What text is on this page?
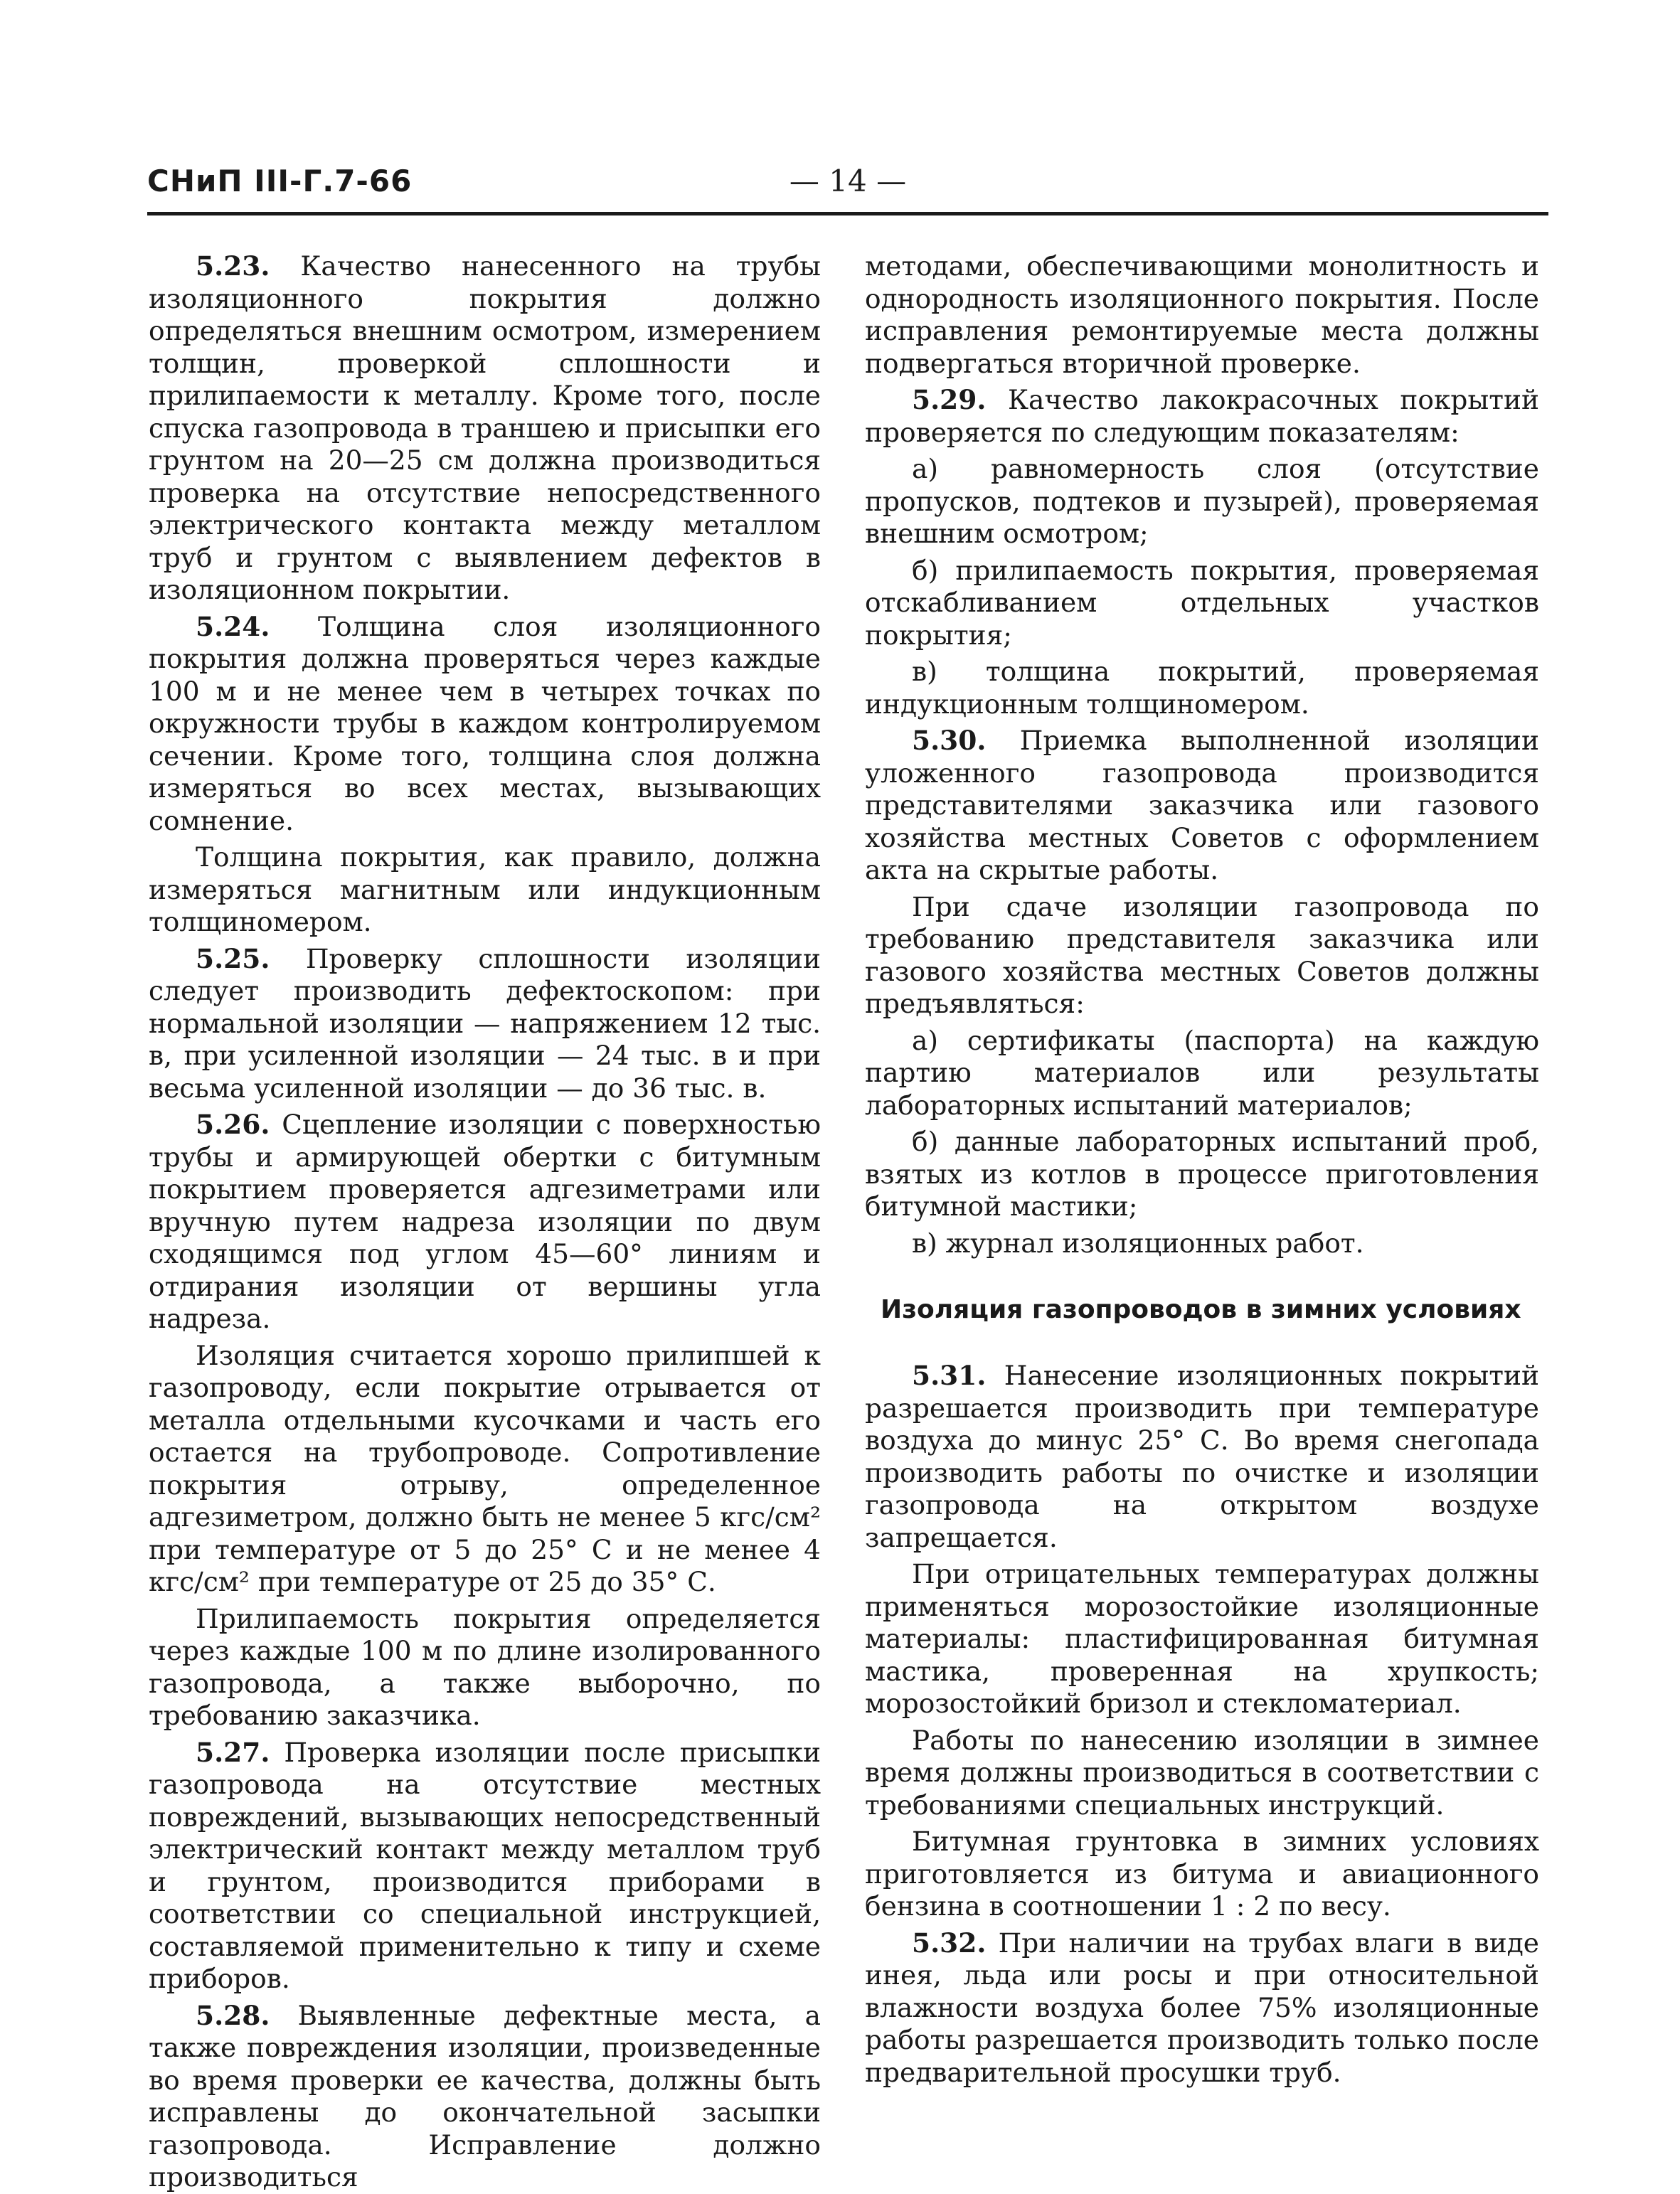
СНиП III-Г.7-66	— 14 —

5.23. Качество нанесенного на трубы изоляционного покрытия должно определяться внешним осмотром, измерением толщин, проверкой сплошности и прилипаемости к металлу. Кроме того, после спуска газопровода в траншею и присыпки его грунтом на 20—25 см должна производиться проверка на отсутствие непосредственного электрического контакта между металлом труб и грунтом с выявлением дефектов в изоляционном покрытии.

5.24. Толщина слоя изоляционного покрытия должна проверяться через каждые 100 м и не менее чем в четырех точках по окружности трубы в каждом контролируемом сечении. Кроме того, толщина слоя должна измеряться во всех местах, вызывающих сомнение.

Толщина покрытия, как правило, должна измеряться магнитным или индукционным толщиномером.

5.25. Проверку сплошности изоляции следует производить дефектоскопом: при нормальной изоляции — напряжением 12 тыс. в, при усиленной изоляции — 24 тыс. в и при весьма усиленной изоляции — до 36 тыс. в.

5.26. Сцепление изоляции с поверхностью трубы и армирующей обертки с битумным покрытием проверяется адгезиметрами или вручную путем надреза изоляции по двум сходящимся под углом 45—60° линиям и отдирания изоляции от вершины угла надреза.

Изоляция считается хорошо прилипшей к газопроводу, если покрытие отрывается от металла отдельными кусочками и часть его остается на трубопроводе. Сопротивление покрытия отрыву, определенное адгезиметром, должно быть не менее 5 кгс/см² при температуре от 5 до 25° С и не менее 4 кгс/см² при температуре от 25 до 35° С.

Прилипаемость покрытия определяется через каждые 100 м по длине изолированного газопровода, а также выборочно, по требованию заказчика.

5.27. Проверка изоляции после присыпки газопровода на отсутствие местных повреждений, вызывающих непосредственный электрический контакт между металлом труб и грунтом, производится приборами в соответствии со специальной инструкцией, составляемой применительно к типу и схеме приборов.

5.28. Выявленные дефектные места, а также повреждения изоляции, произведенные во время проверки ее качества, должны быть исправлены до окончательной засыпки газопровода. Исправление должно производиться

методами, обеспечивающими монолитность и однородность изоляционного покрытия. После исправления ремонтируемые места должны подвергаться вторичной проверке.

5.29. Качество лакокрасочных покрытий проверяется по следующим показателям:

а) равномерность слоя (отсутствие пропусков, подтеков и пузырей), проверяемая внешним осмотром;

б) прилипаемость покрытия, проверяемая отскабливанием отдельных участков покрытия;

в) толщина покрытий, проверяемая индукционным толщиномером.

5.30. Приемка выполненной изоляции уложенного газопровода производится представителями заказчика или газового хозяйства местных Советов с оформлением акта на скрытые работы.

При сдаче изоляции газопровода по требованию представителя заказчика или газового хозяйства местных Советов должны предъявляться:

а) сертификаты (паспорта) на каждую партию материалов или результаты лабораторных испытаний материалов;

б) данные лабораторных испытаний проб, взятых из котлов в процессе приготовления битумной мастики;

в) журнал изоляционных работ.

Изоляция газопроводов в зимних условиях

5.31. Нанесение изоляционных покрытий разрешается производить при температуре воздуха до минус 25° С. Во время снегопада производить работы по очистке и изоляции газопровода на открытом воздухе запрещается.

При отрицательных температурах должны применяться морозостойкие изоляционные материалы: пластифицированная битумная мастика, проверенная на хрупкость; морозостойкий бризол и стекломатериал.

Работы по нанесению изоляции в зимнее время должны производиться в соответствии с требованиями специальных инструкций.

Битумная грунтовка в зимних условиях приготовляется из битума и авиационного бензина в соотношении 1 : 2 по весу.

5.32. При наличии на трубах влаги в виде инея, льда или росы и при относительной влажности воздуха более 75% изоляционные работы разрешается производить только после предварительной просушки труб.
